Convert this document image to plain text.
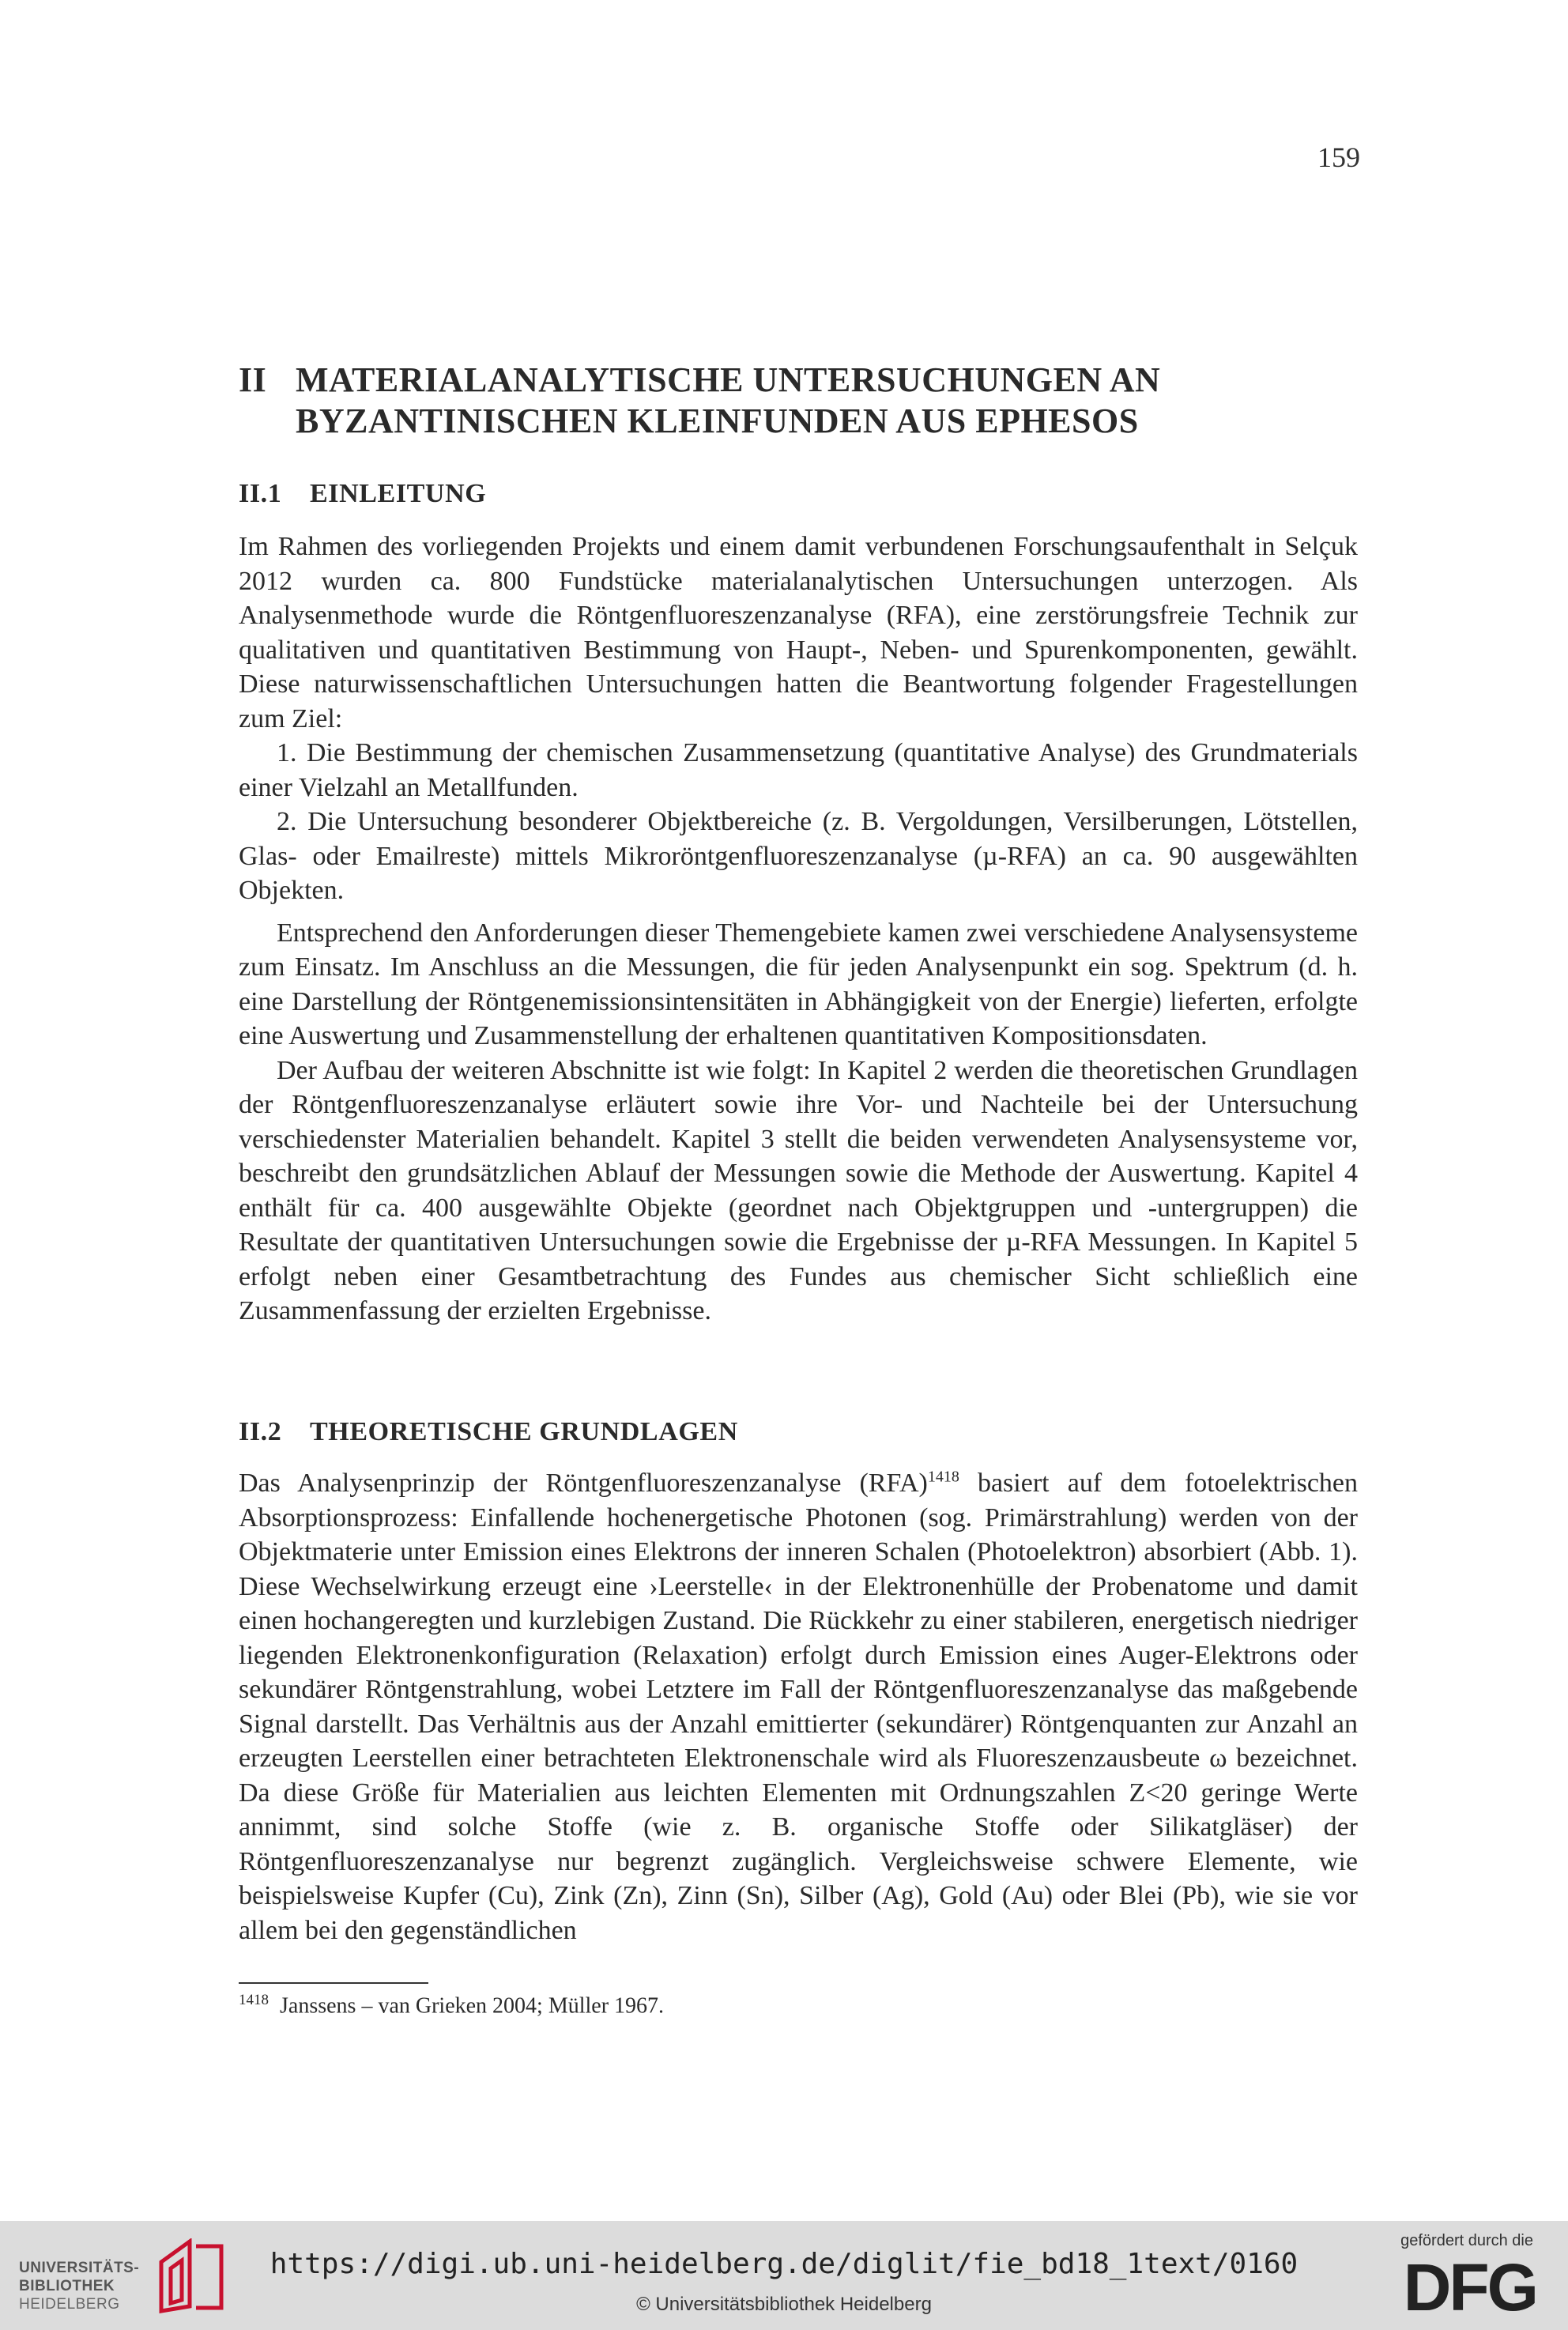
159
II MATERIALANALYTISCHE UNTERSUCHUNGEN AN
BYZANTINISCHEN KLEINFUNDEN AUS EPHESOS
II.1 EINLEITUNG

Im Rahmen des vorliegenden Projekts und einem damit verbundenen Forschungsaufenthalt in Selçuk 2012 wurden ca. 800 Fundstücke materialanalytischen Untersuchungen unterzogen. Als Analysenmethode wurde die Röntgenfluoreszenzanalyse (RFA), eine zerstörungsfreie Technik zur qualitativen und quantitativen Bestimmung von Haupt-, Neben- und Spurenkomponenten, gewählt. Diese naturwissenschaftlichen Untersuchungen hatten die Beantwortung folgender Fragestellungen zum Ziel:

1. Die Bestimmung der chemischen Zusammensetzung (quantitative Analyse) des Grundmaterials einer Vielzahl an Metallfunden.

2. Die Untersuchung besonderer Objektbereiche (z. B. Vergoldungen, Versilberungen, Lötstellen, Glas- oder Emailreste) mittels Mikroröntgenfluoreszenzanalyse (µ-RFA) an ca. 90 ausgewählten Objekten.

Entsprechend den Anforderungen dieser Themengebiete kamen zwei verschiedene Analysensysteme zum Einsatz. Im Anschluss an die Messungen, die für jeden Analysenpunkt ein sog. Spektrum (d. h. eine Darstellung der Röntgenemissionsintensitäten in Abhängigkeit von der Energie) lieferten, erfolgte eine Auswertung und Zusammenstellung der erhaltenen quantitativen Kompositionsdaten.

Der Aufbau der weiteren Abschnitte ist wie folgt: In Kapitel 2 werden die theoretischen Grundlagen der Röntgenfluoreszenzanalyse erläutert sowie ihre Vor- und Nachteile bei der Untersuchung verschiedenster Materialien behandelt. Kapitel 3 stellt die beiden verwendeten Analysensysteme vor, beschreibt den grundsätzlichen Ablauf der Messungen sowie die Methode der Auswertung. Kapitel 4 enthält für ca. 400 ausgewählte Objekte (geordnet nach Objektgruppen und -untergruppen) die Resultate der quantitativen Untersuchungen sowie die Ergebnisse der µ-RFA Messungen. In Kapitel 5 erfolgt neben einer Gesamtbetrachtung des Fundes aus chemischer Sicht schließlich eine Zusammenfassung der erzielten Ergebnisse.

II.2 THEORETISCHE GRUNDLAGEN

Das Analysenprinzip der Röntgenfluoreszenzanalyse (RFA)$^{1418}$ basiert auf dem fotoelektrischen Absorptionsprozess: Einfallende hochenergetische Photonen (sog. Primärstrahlung) werden von der Objektmaterie unter Emission eines Elektrons der inneren Schalen (Photoelektron) absorbiert (Abb. 1). Diese Wechselwirkung erzeugt eine ›Leerstelle‹ in der Elektronenhülle der Probenatome und damit einen hochangeregten und kurzlebigen Zustand. Die Rückkehr zu einer stabileren, energetisch niedriger liegenden Elektronenkonfiguration (Relaxation) erfolgt durch Emission eines Auger-Elektrons oder sekundärer Röntgenstrahlung, wobei Letztere im Fall der Röntgenfluoreszenzanalyse das maßgebende Signal darstellt. Das Verhältnis aus der Anzahl emittierter (sekundärer) Röntgenquanten zur Anzahl an erzeugten Leerstellen einer betrachteten Elektronenschale wird als Fluoreszenzausbeute ω bezeichnet. Da diese Größe für Materialien aus leichten Elementen mit Ordnungszahlen Z<20 geringe Werte annimmt, sind solche Stoffe (wie z. B. organische Stoffe oder Silikatgläser) der Röntgenfluoreszenzanalyse nur begrenzt zugänglich. Vergleichsweise schwere Elemente, wie beispielsweise Kupfer (Cu), Zink (Zn), Zinn (Sn), Silber (Ag), Gold (Au) oder Blei (Pb), wie sie vor allem bei den gegenständlichen

$^{1418}$ Janssens – van Grieken 2004; Müller 1967.
UNIVERSITÄTS-
BIBLIOTHEK
HEIDELBERG
https://digi.ub.uni-heidelberg.de/diglit/fie_bd18_1text/0160
© Universitätsbibliothek Heidelberg
gefördert durch die
DFG
